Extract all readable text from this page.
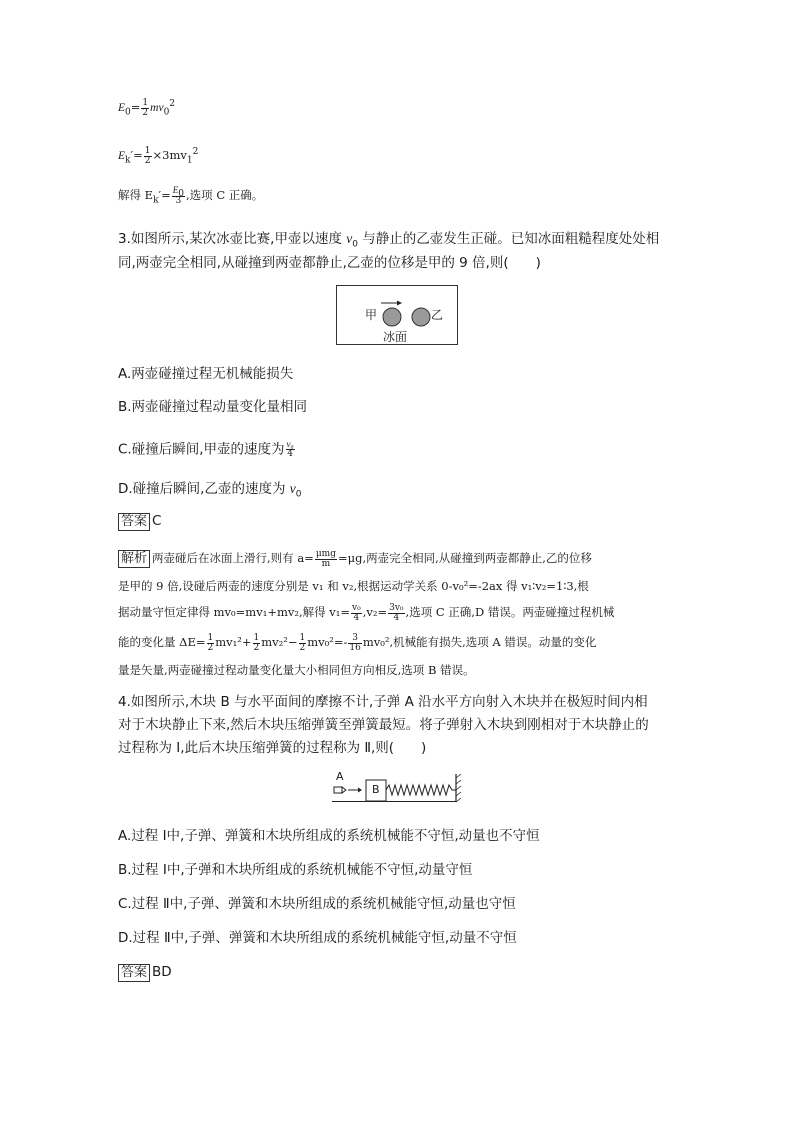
$E_0= \frac{1}{2} mv_0^2$
$E_k'= \frac{1}{2} \times 3mv_1^2$
解得 $E_k'= \frac{E_0}{3}$ ,选项 C 正确。
3.如图所示,某次冰壶比赛,甲壶以速度 $v_0$ 与静止的乙壶发生正碰。已知冰面粗糙程度处处相
同,两壶完全相同,从碰撞到两壶都静止,乙壶的位移是甲的 9 倍,则(　　)
甲	乙
冰面
A.两壶碰撞过程无机械能损失
B.两壶碰撞过程动量变化量相同
C.碰撞后瞬间,甲壶的速度为 $\frac{\text{v₀}}{4}$
D.碰撞后瞬间,乙壶的速度为 $v_0$
答案 C
解析 两壶碰后在冰面上滑行,则有 $a= \frac{\text{μmg}}{m} =\mu g$,两壶完全相同,从碰撞到两壶都静止,乙的位移
是甲的 9 倍,设碰后两壶的速度分别是 v₁ 和 v₂,根据运动学关系 0-v₀²=-2ax 得 v₁∶v₂=1∶3,根
据动量守恒定律得 mv₀=mv₁+mv₂,解得 $v_1= \frac{\text{v₀}}{4} ,v_2= \frac{\text{3v₀}}{4}$ ,选项 C 正确,D 错误。两壶碰撞过程机械
能的变化量 $\Delta E= \frac{1}{2} mv_1^2+ \frac{1}{2} mv_2^2- \frac{1}{2} mv_0^2=- \frac{3}{16} mv_0^2$,机械能有损失,选项 A 错误。动量的变化
量是矢量,两壶碰撞过程动量变化量大小相同但方向相反,选项 B 错误。
4.如图所示,木块 B 与水平面间的摩擦不计,子弹 A 沿水平方向射入木块并在极短时间内相
对于木块静止下来,然后木块压缩弹簧至弹簧最短。将子弹射入木块到刚相对于木块静止的
过程称为 Ⅰ,此后木块压缩弹簧的过程称为 Ⅱ,则(　　)
A
B
A.过程 Ⅰ中,子弹、弹簧和木块所组成的系统机械能不守恒,动量也不守恒
B.过程 Ⅰ中,子弹和木块所组成的系统机械能不守恒,动量守恒
C.过程 Ⅱ中,子弹、弹簧和木块所组成的系统机械能守恒,动量也守恒
D.过程 Ⅱ中,子弹、弹簧和木块所组成的系统机械能守恒,动量不守恒
答案 BD
